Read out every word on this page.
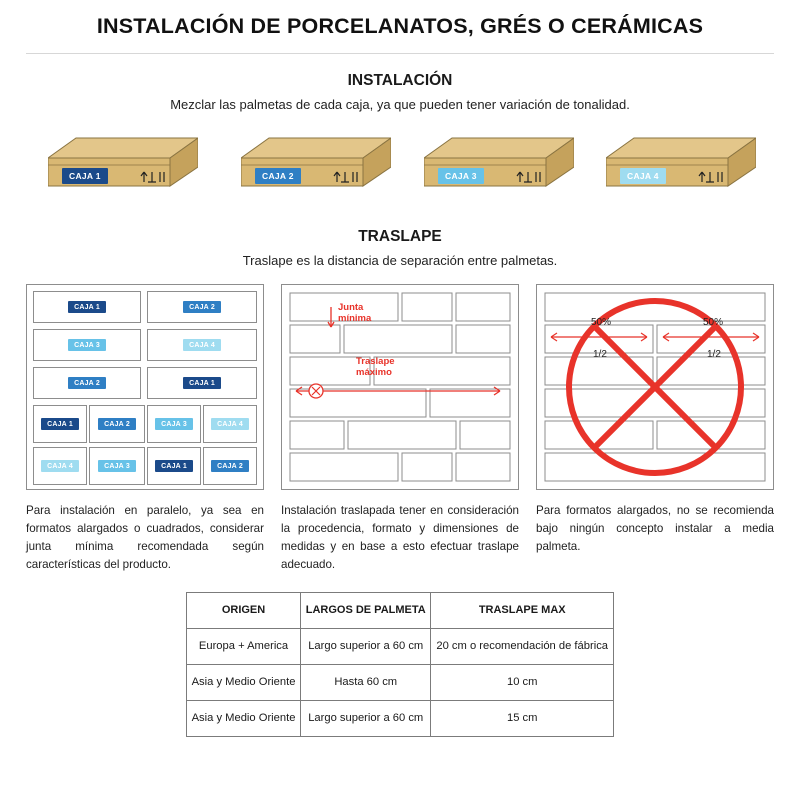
INSTALACIÓN DE PORCELANATOS, GRÉS O CERÁMICAS
INSTALACIÓN
Mezclar las palmetas de cada caja, ya que pueden tener variación de tonalidad.
CAJA 1	CAJA 2	CAJA 3	CAJA 4
TRASLAPE
Traslape es la distancia de separación entre palmetas.
CAJA 1	CAJA 2
CAJA 3	CAJA 4
CAJA 2	CAJA 1
CAJA 1	CAJA 2	CAJA 3	CAJA 4
CAJA 4	CAJA 3	CAJA 1	CAJA 2
Para instalación en paralelo, ya sea en formatos alargados o cuadrados, considerar junta mínima recomendada según características del producto.
Junta
mínima
Traslape
máximo
Instalación traslapada tener en consideración la procedencia, formato y dimensiones de medidas y en base a esto efectuar traslape adecuado.
50%	50%
1/2	1/2
Para formatos alargados, no se recomienda bajo ningún concepto instalar a media palmeta.
ORIGEN	LARGOS DE PALMETA	TRASLAPE MAX
Europa + America	Largo superior a 60 cm	20 cm o recomendación de fábrica
Asia y Medio Oriente	Hasta 60 cm	10 cm
Asia y Medio Oriente	Largo superior a 60 cm	15 cm
